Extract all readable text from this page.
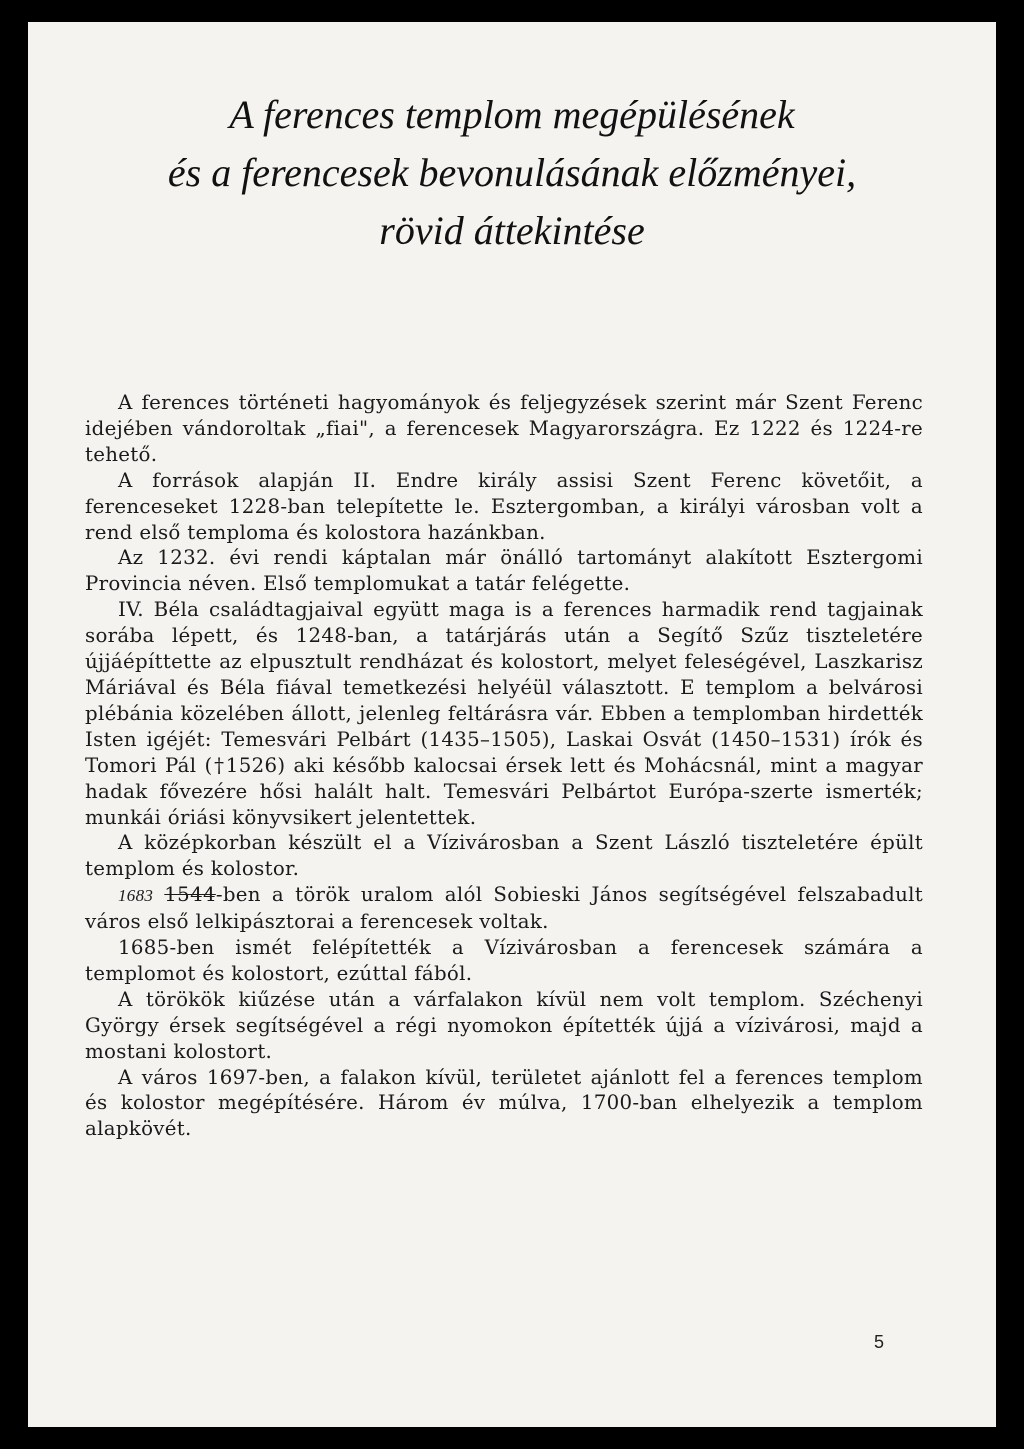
A ferences templom megépülésének
és a ferencesek bevonulásának előzményei,
rövid áttekintése

A ferences történeti hagyományok és feljegyzések szerint már Szent Ferenc idejében vándoroltak „fiai", a ferencesek Magyarországra. Ez 1222 és 1224-re tehető.

A források alapján II. Endre király assisi Szent Ferenc követőit, a ferenceseket 1228-ban telepítette le. Esztergomban, a királyi városban volt a rend első temploma és kolostora hazánkban.

Az 1232. évi rendi káptalan már önálló tartományt alakított Esztergomi Provincia néven. Első templomukat a tatár felégette.

IV. Béla családtagjaival együtt maga is a ferences harmadik rend tagjainak sorába lépett, és 1248-ban, a tatárjárás után a Segítő Szűz tiszteletére újjáépíttette az elpusztult rendházat és kolostort, melyet feleségével, Laszkarisz Máriával és Béla fiával temetkezési helyéül választott. E templom a belvárosi plébánia közelében állott, jelenleg feltárásra vár. Ebben a templomban hirdették Isten igéjét: Temesvári Pelbárt (1435–1505), Laskai Osvát (1450–1531) írók és Tomori Pál (†1526) aki később kalocsai érsek lett és Mohácsnál, mint a magyar hadak fővezére hősi halált halt. Temesvári Pelbártot Európa-szerte ismerték; munkái óriási könyvsikert jelentettek.

A középkorban készült el a Vízivárosban a Szent László tiszteletére épült templom és kolostor.

1683 1544-ben a török uralom alól Sobieski János segítségével felszabadult város első lelkipásztorai a ferencesek voltak.

1685-ben ismét felépítették a Vízivárosban a ferencesek számára a templomot és kolostort, ezúttal fából.

A törökök kiűzése után a várfalakon kívül nem volt templom. Széchenyi György érsek segítségével a régi nyomokon építették újjá a vízivárosi, majd a mostani kolostort.

A város 1697-ben, a falakon kívül, területet ajánlott fel a ferences templom és kolostor megépítésére. Három év múlva, 1700-ban elhelyezik a templom alapkövét.

5
